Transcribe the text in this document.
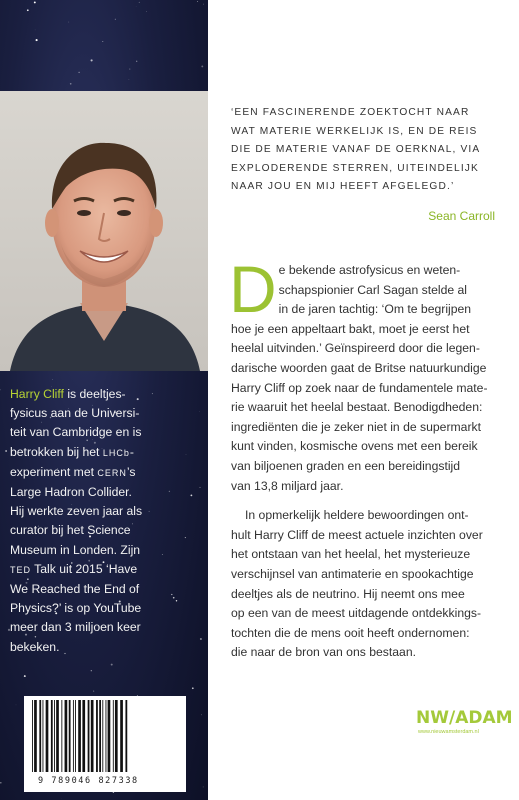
Harry Cliff is deeltjes-

fysicus aan de Universi-

teit van Cambridge en is

betrokken bij het LHCb-

experiment met CERN’s

Large Hadron Collider.

Hij werkte zeven jaar als

curator bij het Science

Museum in Londen. Zijn

TED Talk uit 2015 ‘Have

We Reached the End of

Physics?’ is op YouTube

meer dan 3 miljoen keer

bekeken.

9 789046 827338
‘EEN FASCINERENDE ZOEKTOCHT NAAR
WAT MATERIE WERKELIJK IS, EN DE REIS
DIE DE MATERIE VANAF DE OERKNAL, VIA
EXPLODERENDE STERREN, UITEINDELIJK
NAAR JOU EN MIJ HEEFT AFGELEGD.’
Sean Carroll
D e bekende astrofysicus en weten-
schapspionier Carl Sagan stelde al
in de jaren tachtig: ‘Om te begrijpen
hoe je een appeltaart bakt, moet je eerst het
heelal uitvinden.’ Geïnspireerd door die legen-
darische woorden gaat de Britse natuurkundige
Harry Cliff op zoek naar de fundamentele mate-
rie waaruit het heelal bestaat. Benodigdheden:
ingrediënten die je zeker niet in de supermarkt
kunt vinden, kosmische ovens met een bereik
van biljoenen graden en een bereidingstijd
van 13,8 miljard jaar.
In opmerkelijk heldere bewoordingen ont-
hult Harry Cliff de meest actuele inzichten over
het ontstaan van het heelal, het mysterieuze
verschijnsel van antimaterie en spookachtige
deeltjes als de neutrino. Hij neemt ons mee
op een van de meest uitdagende ontdekkings-
tochten die de mens ooit heeft ondernomen:
die naar de bron van ons bestaan.
NW/ADAM
www.nieuwamsterdam.nl
